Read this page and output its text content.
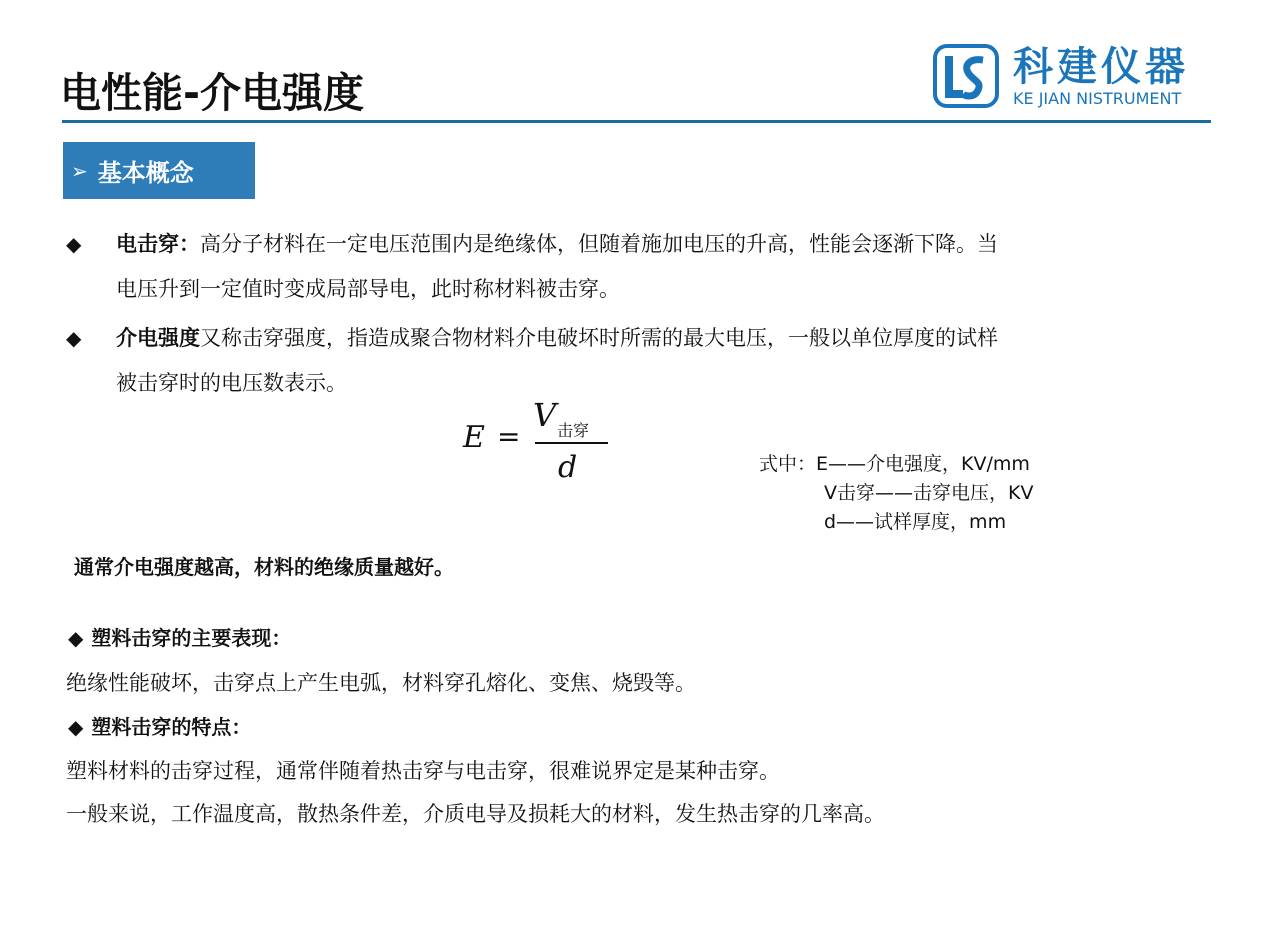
电性能-介电强度
科建仪器
KE JIAN NISTRUMENT
➢ 基本概念
◆ 电击穿：高分子材料在一定电压范围内是绝缘体，但随着施加电压的升高，性能会逐渐下降。当
电压升到一定值时变成局部导电，此时称材料被击穿。
◆ 介电强度又称击穿强度，指造成聚合物材料介电破坏时所需的最大电压，一般以单位厚度的试样
被击穿时的电压数表示。
E =
V 击穿
d	式中：E——介电强度，KV/mm
V击穿——击穿电压，KV
d——试样厚度，mm
通常介电强度越高，材料的绝缘质量越好。
◆ 塑料击穿的主要表现：
绝缘性能破坏，击穿点上产生电弧，材料穿孔熔化、变焦、烧毁等。
◆ 塑料击穿的特点：
塑料材料的击穿过程，通常伴随着热击穿与电击穿，很难说界定是某种击穿。
一般来说，工作温度高，散热条件差，介质电导及损耗大的材料，发生热击穿的几率高。
